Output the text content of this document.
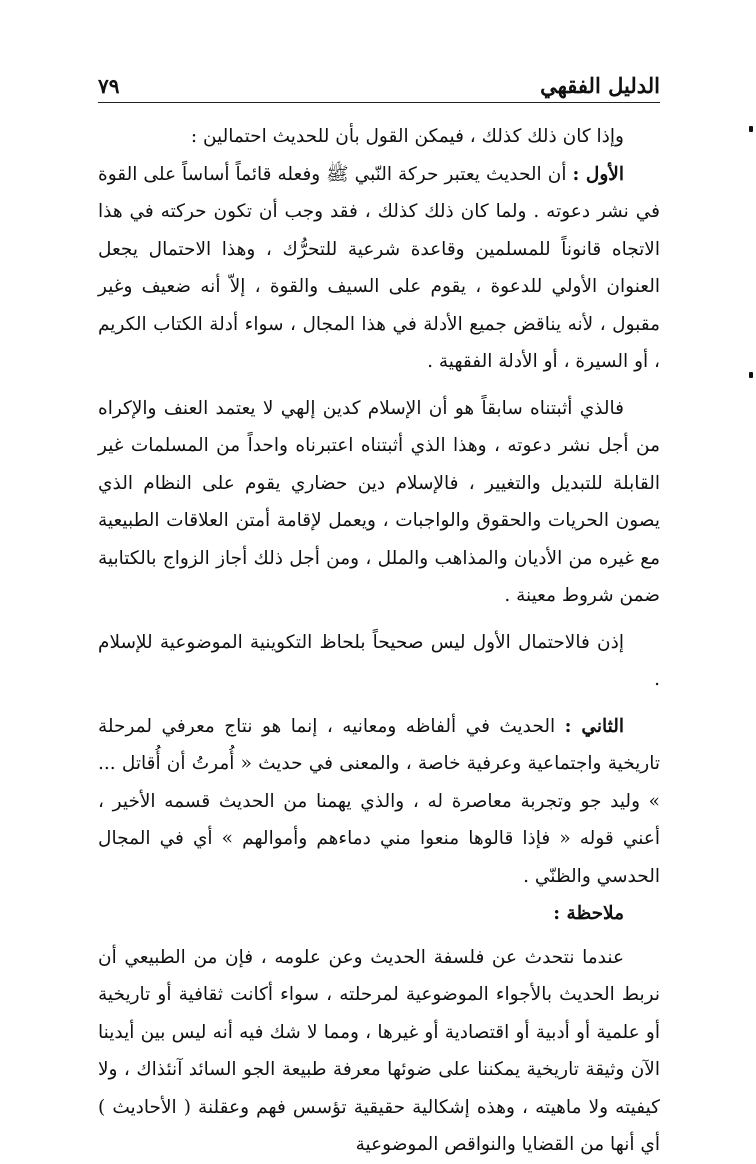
الدليل الفقهي
٧٩

وإذا كان ذلك كذلك ، فيمكن القول بأن للحديث احتمالين :

الأول : أن الحديث يعتبر حركة النّبي ﷺ وفعله قائماً أساساً على القوة في نشر دعوته . ولما كان ذلك كذلك ، فقد وجب أن تكون حركته في هذا الاتجاه قانوناً للمسلمين وقاعدة شرعية للتحرُّك ، وهذا الاحتمال يجعل العنوان الأولي للدعوة ، يقوم على السيف والقوة ، إلاّ أنه ضعيف وغير مقبول ، لأنه يناقض جميع الأدلة في هذا المجال ، سواء أدلة الكتاب الكريم ، أو السيرة ، أو الأدلة الفقهية .

فالذي أثبتناه سابقاً هو أن الإسلام كدين إلهي لا يعتمد العنف والإكراه من أجل نشر دعوته ، وهذا الذي أثبتناه اعتبرناه واحداً من المسلمات غير القابلة للتبديل والتغيير ، فالإسلام دين حضاري يقوم على النظام الذي يصون الحريات والحقوق والواجبات ، ويعمل لإقامة أمتن العلاقات الطبيعية مع غيره من الأديان والمذاهب والملل ، ومن أجل ذلك أجاز الزواج بالكتابية ضمن شروط معينة .

إذن فالاحتمال الأول ليس صحيحاً بلحاظ التكوينية الموضوعية للإسلام .

الثاني : الحديث في ألفاظه ومعانيه ، إنما هو نتاج معرفي لمرحلة تاريخية واجتماعية وعرفية خاصة ، والمعنى في حديث « أُمرتُ أن أُقاتل ... » وليد جو وتجربة معاصرة له ، والذي يهمنا من الحديث قسمه الأخير ، أعني قوله « فإذا قالوها منعوا مني دماءهم وأموالهم » أي في المجال الحدسي والظنّي .

ملاحظة :

عندما نتحدث عن فلسفة الحديث وعن علومه ، فإن من الطبيعي أن نربط الحديث بالأجواء الموضوعية لمرحلته ، سواء أكانت ثقافية أو تاريخية أو علمية أو أدبية أو اقتصادية أو غيرها ، ومما لا شك فيه أنه ليس بين أيدينا الآن وثيقة تاريخية يمكننا على ضوئها معرفة طبيعة الجو السائد آنئذاك ، ولا كيفيته ولا ماهيته ، وهذه إشكالية حقيقية تؤسس فهم وعقلنة ( الأحاديث ) أي أنها من القضايا والنواقص الموضوعية
